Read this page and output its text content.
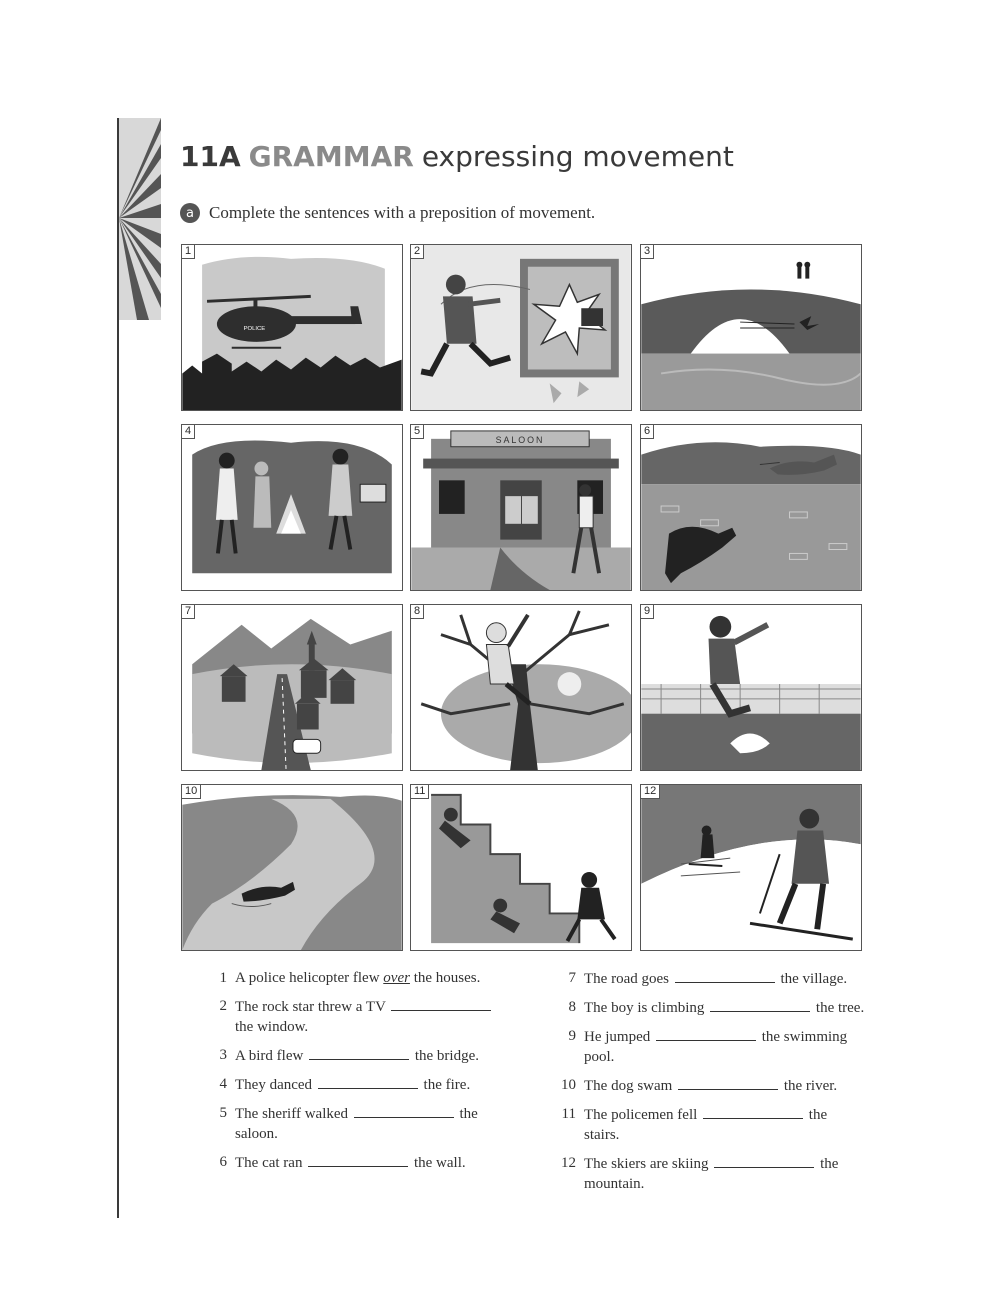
11A GRAMMAR expressing movement
a Complete the sentences with a preposition of movement.
1
POLICE
2	3
4	5
SALOON
6
7	8	9
10	11	12
1 A police helicopter flew over the houses.
2 The rock star threw a TV  the window.
3 A bird flew	the bridge.
4 They danced	the fire.
5 The sheriff walked	the saloon.
6 The cat ran	the wall.
7 The road goes	the village.
8 The boy is climbing	the tree.
9 He jumped	the swimming pool.
10 The dog swam	the river.
11 The policemen fell	the stairs.
12 The skiers are skiing	the mountain.
